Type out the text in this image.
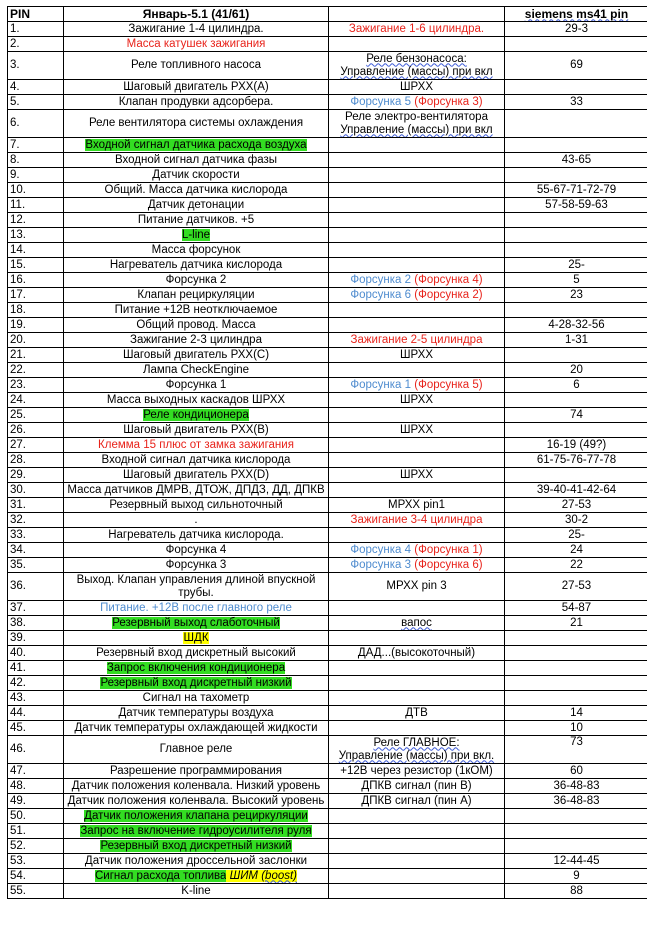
PIN	Январь-5.1 (41/61)		siemens ms41 pin
1.	Зажигание 1-4 цилиндра.	Зажигание 1-6 цилиндра.	29-3
2.	Масса катушек зажигания		
3.	Реле топливного насоса	Реле бензонасоса:
Управление (массы) при вкл	69
4.	Шаговый двигатель РХХ(A)	ШРХХ	
5.	Клапан продувки адсорбера.	Форсунка 5 (Форсунка 3)	33
6.	Реле вентилятора системы охлаждения	Реле электро-вентилятора
Управление (массы) при вкл	
7.	Входной сигнал датчика расхода воздуха		
8.	Входной сигнал датчика фазы		43-65
9.	Датчик скорости		
10.	Общий. Масса датчика кислорода		55-67-71-72-79
11.	Датчик детонации		57-58-59-63
12.	Питание датчиков. +5		
13.	L-line		
14.	Масса форсунок		
15.	Нагреватель датчика кислорода		25-
16.	Форсунка 2	Форсунка 2 (Форсунка 4)	5
17.	Клапан рециркуляции	Форсунка 6 (Форсунка 2)	23
18.	Питание +12В неотключаемое		
19.	Общий провод. Масса		4-28-32-56
20.	Зажигание 2-3 цилиндра	Зажигание 2-5 цилиндра	1-31
21.	Шаговый двигатель РХХ(C)	ШРХХ	
22.	Лампа CheckEngine		20
23.	Форсунка 1	Форсунка 1 (Форсунка 5)	6
24.	Масса выходных каскадов ШРХХ	ШРХХ	
25.	Реле кондиционера		74
26.	Шаговый двигатель РХХ(B)	ШРХХ	
27.	Клемма 15 плюс от замка зажигания		16-19 (49?)
28.	Входной сигнал датчика кислорода		61-75-76-77-78
29.	Шаговый двигатель РХХ(D)	ШРХХ	
30.	Масса датчиков ДМРВ, ДТОЖ, ДПДЗ, ДД, ДПКВ		39-40-41-42-64
31.	Резервный выход сильноточный	МРХХ pin1	27-53
32.	.	Зажигание 3-4 цилиндра	30-2
33.	Нагреватель датчика кислорода.		25-
34.	Форсунка 4	Форсунка 4 (Форсунка 1)	24
35.	Форсунка 3	Форсунка 3 (Форсунка 6)	22
36.	Выход. Клапан управления длиной впускной
трубы.	МРХХ pin 3	27-53
37.	Питание. +12В после главного реле		54-87
38.	Резервный выход слаботочный	вапос	21
39.	ШДК		
40.	Резервный вход дискретный высокий	ДАД...(высокоточный)	
41.	Запрос включения кондиционера		
42.	Резервный вход дискретный низкий		
43.	Сигнал на тахометр		
44.	Датчик температуры воздуха	ДТВ	14
45.	Датчик температуры охлаждающей жидкости		10
46.	Главное реле	Реле ГЛАВНОЕ:
Управление (массы) при вкл.	73
47.	Разрешение программирования	+12В через резистор (1кОМ)	60
48.	Датчик положения коленвала. Низкий уровень	ДПКВ сигнал (пин В)	36-48-83
49.	Датчик положения коленвала. Высокий уровень	ДПКВ сигнал (пин А)	36-48-83
50.	Датчик положения клапана рециркуляции		
51.	Запрос на включение гидроусилителя руля		
52.	Резервный вход дискретный низкий		
53.	Датчик положения дроссельной заслонки		12-44-45
54.	Сигнал расхода топлива ШИМ (boost)		9
55.	K-line		88
